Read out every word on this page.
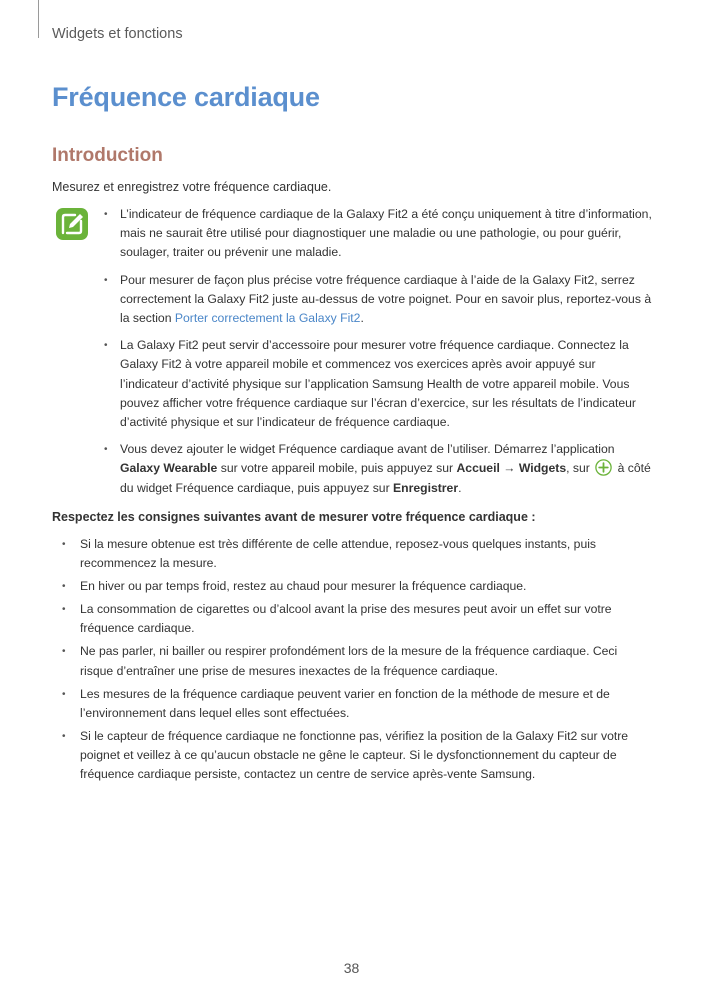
Widgets et fonctions
Fréquence cardiaque
Introduction
Mesurez et enregistrez votre fréquence cardiaque.
• L’indicateur de fréquence cardiaque de la Galaxy Fit2 a été conçu uniquement à titre d’information, mais ne saurait être utilisé pour diagnostiquer une maladie ou une pathologie, ou pour guérir, soulager, traiter ou prévenir une maladie.
• Pour mesurer de façon plus précise votre fréquence cardiaque à l’aide de la Galaxy Fit2, serrez correctement la Galaxy Fit2 juste au-dessus de votre poignet. Pour en savoir plus, reportez-vous à la section Porter correctement la Galaxy Fit2.
• La Galaxy Fit2 peut servir d’accessoire pour mesurer votre fréquence cardiaque. Connectez la Galaxy Fit2 à votre appareil mobile et commencez vos exercices après avoir appuyé sur l’indicateur d’activité physique sur l’application Samsung Health de votre appareil mobile. Vous pouvez afficher votre fréquence cardiaque sur l’écran d’exercice, sur les résultats de l’indicateur d’activité physique et sur l’indicateur de fréquence cardiaque.
• Vous devez ajouter le widget Fréquence cardiaque avant de l’utiliser. Démarrez l’application Galaxy Wearable sur votre appareil mobile, puis appuyez sur Accueil → Widgets, sur  à côté du widget Fréquence cardiaque, puis appuyez sur Enregistrer.
Respectez les consignes suivantes avant de mesurer votre fréquence cardiaque :
• Si la mesure obtenue est très différente de celle attendue, reposez-vous quelques instants, puis recommencez la mesure.
• En hiver ou par temps froid, restez au chaud pour mesurer la fréquence cardiaque.
• La consommation de cigarettes ou d’alcool avant la prise des mesures peut avoir un effet sur votre fréquence cardiaque.
• Ne pas parler, ni bailler ou respirer profondément lors de la mesure de la fréquence cardiaque. Ceci risque d’entraîner une prise de mesures inexactes de la fréquence cardiaque.
• Les mesures de la fréquence cardiaque peuvent varier en fonction de la méthode de mesure et de l’environnement dans lequel elles sont effectuées.
• Si le capteur de fréquence cardiaque ne fonctionne pas, vérifiez la position de la Galaxy Fit2 sur votre poignet et veillez à ce qu’aucun obstacle ne gêne le capteur. Si le dysfonctionnement du capteur de fréquence cardiaque persiste, contactez un centre de service après-vente Samsung.
38
